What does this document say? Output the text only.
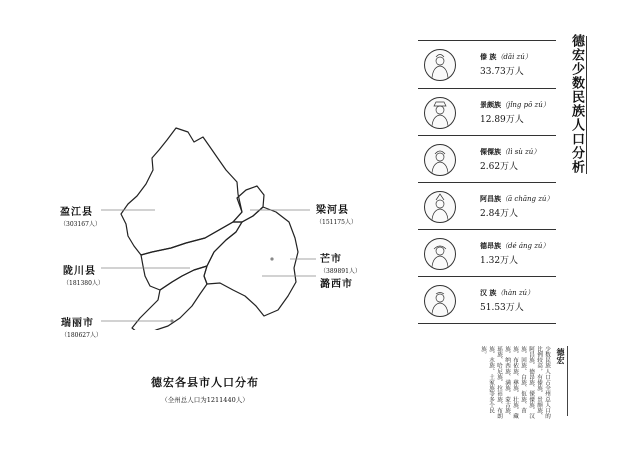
盈江县
（303167人）
梁河县
（151175人）
陇川县
（181380人）
芒市
（389891人）
瑞丽市
（180627人）
潞西市
德宏各县市人口分布
（全州总人口为1211440人）
德宏少数民族人口分析
傣 族（dǎi zú）
33.73万人
景颇族（jǐng pō zú）
12.89万人
傈僳族（lì sù zú）
2.62万人
阿昌族（ā chāng zú）
2.84万人
德昂族（dé áng zú）
1.32万人
汉 族（hàn zú）
51.53万人
德宏
少数民族人口占全州总人口的比例较高，有傣族、景颇族、阿昌族、德昂族、傈僳族、汉族、回族、白族、佤族、苗族、布依族、彝族、壮族、藏族、纳西族、满族、蒙古族、瑶族、哈尼族、拉祜族、布朗族、水族、土家族等多个民族。
